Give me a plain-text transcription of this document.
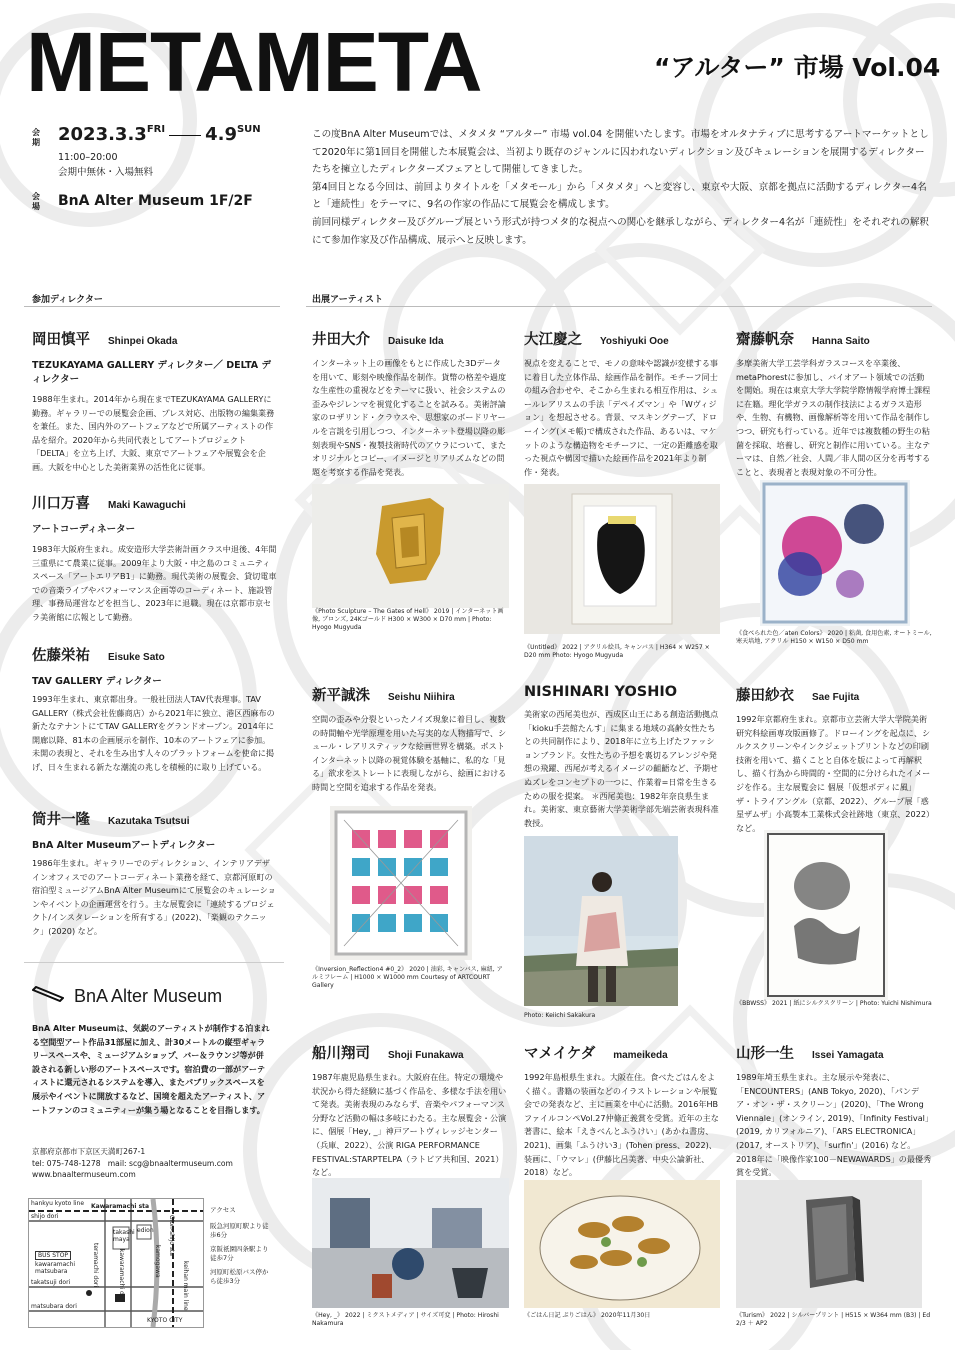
METAMETA	“アルター” 市場 Vol.04
会期 $2023.3.3^{FRI}$ $4.9^{SUN}$
11:00–20:00
会期中無休・入場無料
会場 BnA Alter Museum 1F/2F

この度BnA Alter Museumでは、メタメタ “アルター” 市場 vol.04 を開催いたします。市場をオルタナティブに思考するアートマーケットとして2020年に第1回目を開催した本展覧会は、当初より既存のジャンルに囚われないディレクション及びキュレーションを展開するディレクターたちを擁立したディレクターズフェアとして開催してきました。

第4回目となる今回は、前回よりタイトルを「メタモール」から「メタメタ」へと変容し、東京や大阪、京都を拠点に活動するディレクター4名と「連続性」をテーマに、9名の作家の作品にて展覧会を構成します。

前回同様ディレクター及びグループ展という形式が持つメタ的な視点への関心を継承しながら、ディレクター4名が「連続性」をそれぞれの解釈にて参加作家及び作品構成、展示へと反映します。

参加ディレクター	出展アーティスト
岡田慎平 Shinpei Okada
TEZUKAYAMA GALLERY ディレクター／ DELTA ディレクター
1988年生まれ。2014年から現在までTEZUKAYAMA GALLERYに勤務。ギャラリーでの展覧会企画、プレス対応、出版物の編集業務を兼任。また、国内外のアートフェアなどで所属アーティストの作品を紹介。2020年から共同代表としてアートプロジェクト「DELTA」を立ち上げ、大阪、東京でアートフェアや展覧会を企画。大阪を中心とした美術業界の活性化に従事。
川口万喜 Maki Kawaguchi
アートコーディネーター
1983年大阪府生まれ。成安造形大学芸術計画クラス中退後、4年間三重県にて農業に従事。2009年より大阪・中之島のコミュニティスペース「アートエリアB1」に勤務。現代美術の展覧会、貸切電車での音楽ライブやパフォーマンス企画等のコーディネート、施設管理、事務局運営などを担当し、2023年に退職。現在は京都市京セラ美術館に広報として勤務。
佐藤栄祐 Eisuke Sato
TAV GALLERY ディレクター
1993年生まれ、東京都出身。一般社団法人TAV代表理事。TAV GALLERY（株式会社佐藤商店）から2021年に独立、港区西麻布の新たなテナントにてTAV GALLERYをグランドオープン。2014年に開廊以降、81本の企画展示を制作、10本のアートフェアに参加。未開の表現と、それを生み出す人々のプラットフォームを使命に掲げ、日々生まれる新たな潮流の兆しを積極的に取り上げている。
筒井一隆 Kazutaka Tsutsui
BnA Alter Museumアートディレクター
1986年生まれ。ギャラリーでのディレクション、インテリアデザインオフィスでのアートコーディネート業務を経て、京都河原町の宿泊型ミュージアムBnA Alter Museumにて展覧会のキュレーションやイベントの企画運営を行う。主な展覧会に「連続するプロジェクト/インスタレーションを所有する」(2022)、「楽観のテクニック」(2020) など。
井田大介 Daisuke Ida
インターネット上の画像をもとに作成した3Dデータを用いて、彫刻や映像作品を制作。貨幣の格差や過度な生産性の重視などをテーマに扱い、社会システムの歪みやジレンマを視覚化することを試みる。美術評論家のロザリンド・クラウスや、思想家のボードリヤールを言説を引用しつつ、インターネット登場以降の彫刻表現やSNS・複製技術時代のアウラについて、またオリジナルとコピー、イメージとリアリズムなどの問題を考察する作品を発表。
《Photo Sculpture – The Gates of Hell》 2019 | インターネット画像, ブロンズ, 24Kゴールド H300 × W300 × D70 mm | Photo: Hyogo Mugyuda
大江慶之 Yoshiyuki Ooe
視点を変えることで、モノの意味や認識が変様する事に着目した立体作品、絵画作品を制作。モチーフ同士の組み合わせや、そこから生まれる相互作用は、シュールレアリスムの手法「デペイズマン」や「Wヴィジョン」を想起させる。背景、マスキングテープ、ドローイング(メモ帳)で構成された作品、あるいは、マケットのような構造物をモチーフに、一定の距離感を取った視点や構図で描いた絵画作品を2021年より制作・発表。
《Untitled》 2022 | アクリル絵具, キャンバス | H364 × W257 × D20 mm Photo: Hyogo Mugyuda
齋藤帆奈 Hanna Saito
多摩美術大学工芸学科ガラスコースを卒業後、metaPhorestに参加し、バイオアート領域での活動を開始。現在は東京大学大学院学際情報学府博士課程に在籍。理化学ガラスの制作技法によるガラス造形や、生物、有機物、画像解析等を用いて作品を制作しつつ、研究も行っている。近年では複数種の野生の粘菌を採取、培養し、研究と制作に用いている。主なテーマは、自然／社会、人間／非人間の区分を再考することと、表現者と表現対象の不可分性。
《食べられた色／aten Colors》 2020 | 粘菌, 食用色素, オートミール, 寒天培地, アクリル H150 × W150 × D50 mm
新平誠洙 Seishu Niihira
空間の歪みや分裂といったノイズ現象に着目し、複数の時間軸や光学原理を用いた写実的な人物描写で、シュール・レアリスティックな絵画世界を構築。ポストインターネット以降の視覚体験を基軸に、私的な「見る」欲求をストレートに表現しながら、絵画における時間と空間を追求する作品を発表。
《Inversion_Reflection4 #0_2》 2020 | 油彩, キャンバス, 麻紐, アルミフレーム | H1000 × W1000 mm Courtesy of ARTCOURT Gallery
NISHINARI YOSHIO
美術家の西尾美也が、西成区山王にある創造活動拠点「kioku手芸館たんす」に集まる地域の高齢女性たちとの共同制作により、2018年に立ち上げたファッションブランド。女性たちの予想を裏切るアレンジや発想の飛躍、西尾が考えるイメージの齟齬など、予期せぬズレをコンセプトの一つに、作業着=日常を生きるための服を提案。 ＊西尾美也：1982年奈良県生まれ。美術家、東京藝術大学美術学部先端芸術表現科准教授。
Photo: Keiichi Sakakura
藤田紗衣 Sae Fujita
1992年京都府生まれ。京都市立芸術大学大学院美術研究科絵画専攻版画修了。ドローイングを起点に、シルクスクリーンやインクジェットプリントなどの印刷技術を用いて、描くことと自体を版によって再解釈し、描く行為から時間的・空間的に分けられたイメージを作る。主な展覧会に 個展「仮想ポディに風」ザ・トライアングル（京都、2022）、グループ展「惑星ザムザ」小高製本工業株式会社跡地（東京、2022）など。
《BBWSS》 2021 | 紙にシルクスクリーン | Photo: Yuichi Nishimura
船川翔司 Shoji Funakawa
1987年鹿児島県生まれ。大阪府在住。特定の環境や状況から得た経験に基づく作品を、多様な手法を用いて発表。美術表現のみならず、音楽やパフォーマンス分野など活動の幅は多岐にわたる。主な展覧会・公演に、個展「Hey, _」神戸アートヴィレッジセンター（兵庫、2022）、公演 RIGA PERFORMANCE FESTIVAL:STARPTELPA（ラトビア共和国、2021）など。
《Hey, _》 2022 | ミクストメディア | サイズ可変 | Photo: Hiroshi Nakamura
マメイケダ mameikeda
1992年島根県生まれ。大阪在住。食べたごはんをよく描く。書籍の装画などのイラストレーションや展覧会での発表など、主に画業を中心に活動。2016年HBファイルコンペVol.27仲條正義賞を受賞。近年の主な著書に、絵本「えきべんとふうけい」(あかね書房、2021)、画集「ふうけい3」(Tohen press、2022)、装画に、「ウマレ」(伊藤比呂美著、中央公論新社、2018）など。
《ごはん日記 ぷりごはん》 2020年11月30日
山形一生 Issei Yamagata
1989年埼玉県生まれ。主な展示や発表に、「ENCOUNTERS」(ANB Tokyo, 2020)、「パンデア・オン・ザ・スクリーン」(2020)、「The Wrong Viennale」(オンライン, 2019)、「Infinity Festival」(2019, カリフォルニア)、「ARS ELECTRONICA」(2017, オーストリア)、「surfin'」(2016) など。2018年に「映像作家100－NEWAWARDS」の最優秀賞を受賞。
《Turism》 2022 | シルバープリント | H515 × W364 mm (B3) | Ed 2/3 ＋ AP2
BnA Alter Museum
BnA Alter Museumは、気鋭のアーティストが制作する泊まれる空間型アート作品31部屋に加え、計30メートルの縦型ギャラリースペースや、ミュージアムショップ、バー＆ラウンジ等が併設される新しい形のアートスペースです。宿泊費の一部がアーティストに還元されるシステムを導入、またパブリックスペースを展示やイベントに開放するなど、国境を超えたアーティスト、アートファンのコミュニティーが集う場となることを目指します。
京都府京都市下京区天満町267-1
tel: 075-748-1278 mail: scg@bnaaltermuseum.com
www.bnaaltermuseum.com
hankyu kyoto line
shijo dori
Kawaramachi sta
takashi maya
edion Gion-shijo sta
teramachi dori	kawaramachi dori	kamogawa	keihan main line
BUS STOP
kawaramachi matsubara
takatsuji dori
matsubara dori
KYOTO CITY
アクセス
阪急河原町駅より徒歩6分
京阪祇園四条駅より徒歩7分
河原町松原バス停から徒歩3分
